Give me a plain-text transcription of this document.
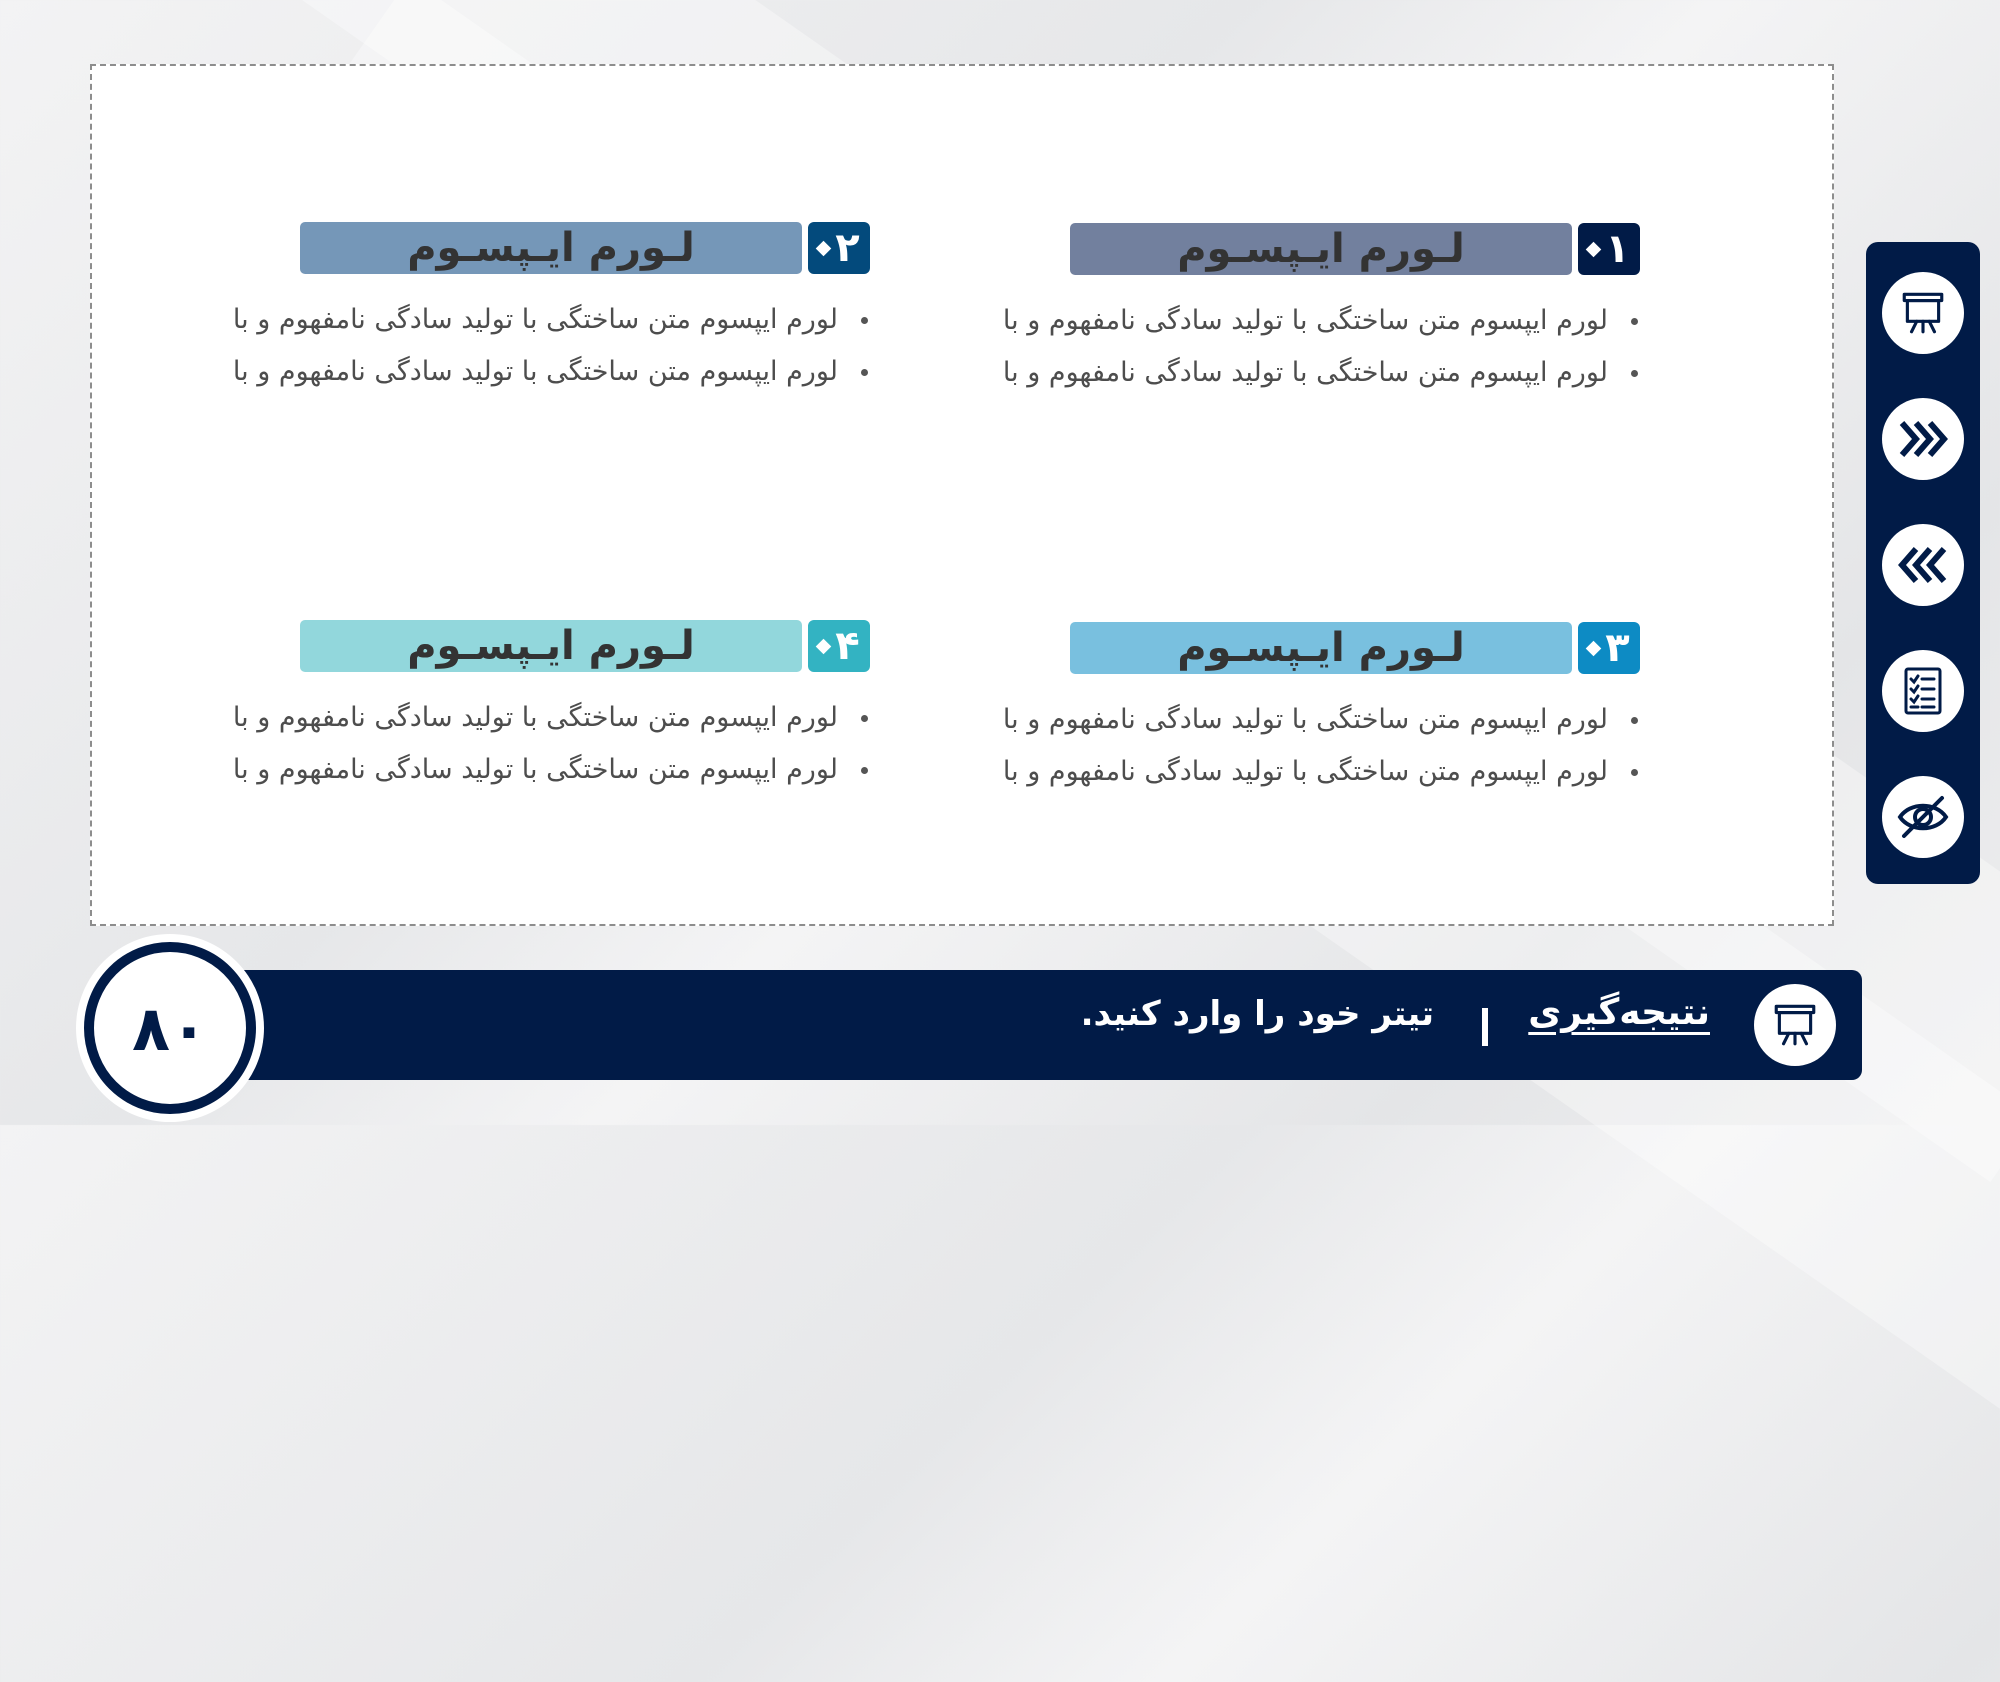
۱
لـورم ایـپسـوم
لورم ایپسوم متن ساختگی با تولید سادگی نامفهوم و با
لورم ایپسوم متن ساختگی با تولید سادگی نامفهوم و با
۲
لـورم ایـپسـوم
لورم ایپسوم متن ساختگی با تولید سادگی نامفهوم و با
لورم ایپسوم متن ساختگی با تولید سادگی نامفهوم و با
۳
لـورم ایـپسـوم
لورم ایپسوم متن ساختگی با تولید سادگی نامفهوم و با
لورم ایپسوم متن ساختگی با تولید سادگی نامفهوم و با
۴
لـورم ایـپسـوم
لورم ایپسوم متن ساختگی با تولید سادگی نامفهوم و با
لورم ایپسوم متن ساختگی با تولید سادگی نامفهوم و با
نتیجه‌گیری
تیتر خود را وارد کنید.
۸۰
